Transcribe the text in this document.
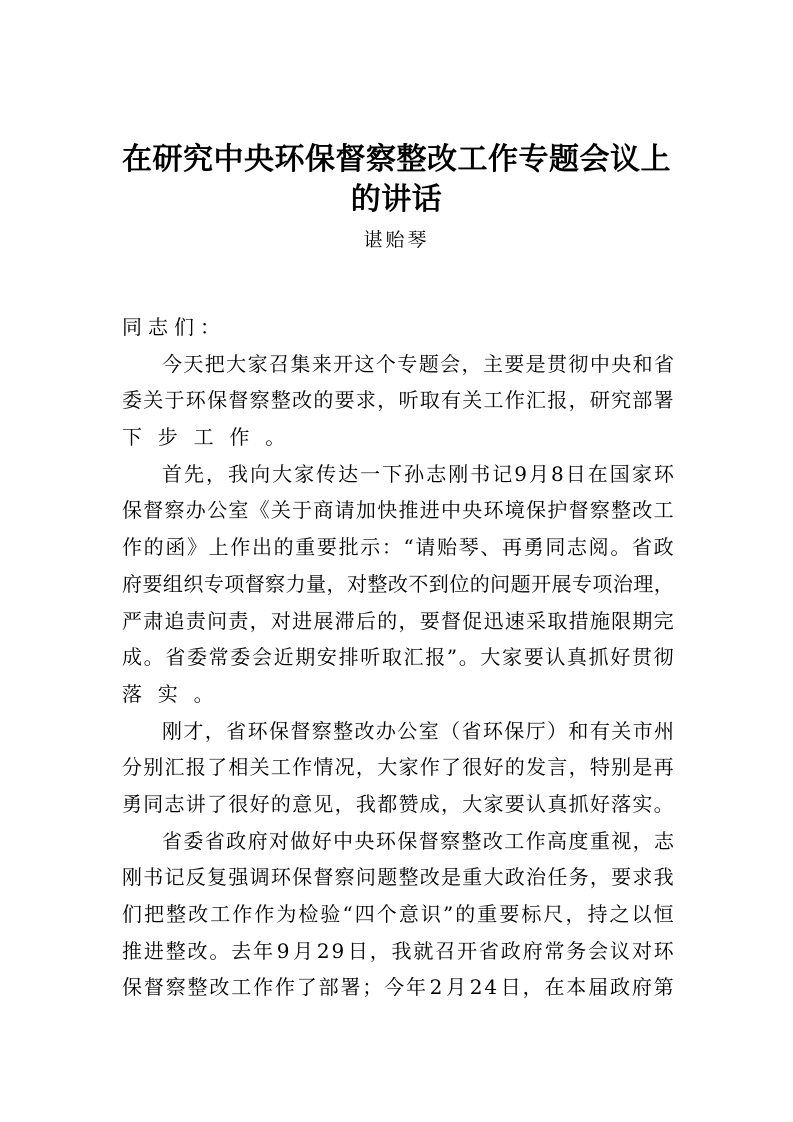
在研究中央环保督察整改工作专题会议上
的讲话
谌贻琴
同志们：
今 天 把 大 家 召 集 来 开 这 个 专 题 会 ， 主 要 是 贯 彻 中 央 和 省
委 关 于 环 保 督 察 整 改 的 要 求 ， 听 取 有 关 工 作 汇 报 ， 研 究 部 署
下步工作。
首 先 ， 我 向 大 家 传 达 一 下 孙 志 刚 书 记 9 月 8 日 在 国 家 环
保 督 察 办 公 室 《 关 于 商 请 加 快 推 进 中 央 环 境 保 护 督 察 整 改 工
作 的 函 》 上 作 出 的 重 要 批 示 ： “ 请 贻 琴 、 再 勇 同 志 阅 。 省 政
府 要 组 织 专 项 督 察 力 量 ， 对 整 改 不 到 位 的 问 题 开 展 专 项 治 理 ，
严 肃 追 责 问 责 ， 对 进 展 滞 后 的 ， 要 督 促 迅 速 采 取 措 施 限 期 完
成 。 省 委 常 委 会 近 期 安 排 听 取 汇 报 ” 。 大 家 要 认 真 抓 好 贯 彻
落实。
刚 才 ， 省 环 保 督 察 整 改 办 公 室 （ 省 环 保 厅 ） 和 有 关 市 州
分 别 汇 报 了 相 关 工 作 情 况 ， 大 家 作 了 很 好 的 发 言 ， 特 别 是 再
勇 同 志 讲 了 很 好 的 意 见 ， 我 都 赞 成 ， 大 家 要 认 真 抓 好 落 实 。
省 委 省 政 府 对 做 好 中 央 环 保 督 察 整 改 工 作 高 度 重 视 ， 志
刚 书 记 反 复 强 调 环 保 督 察 问 题 整 改 是 重 大 政 治 任 务 ， 要 求 我
们 把 整 改 工 作 作 为 检 验 “ 四 个 意 识 ” 的 重 要 标 尺 ， 持 之 以 恒
推 进 整 改 。 去 年 9 月 2 9 日 ， 我 就 召 开 省 政 府 常 务 会 议 对 环
保 督 察 整 改 工 作 作 了 部 署 ； 今 年 2 月 2 4 日 ， 在 本 届 政 府 第
